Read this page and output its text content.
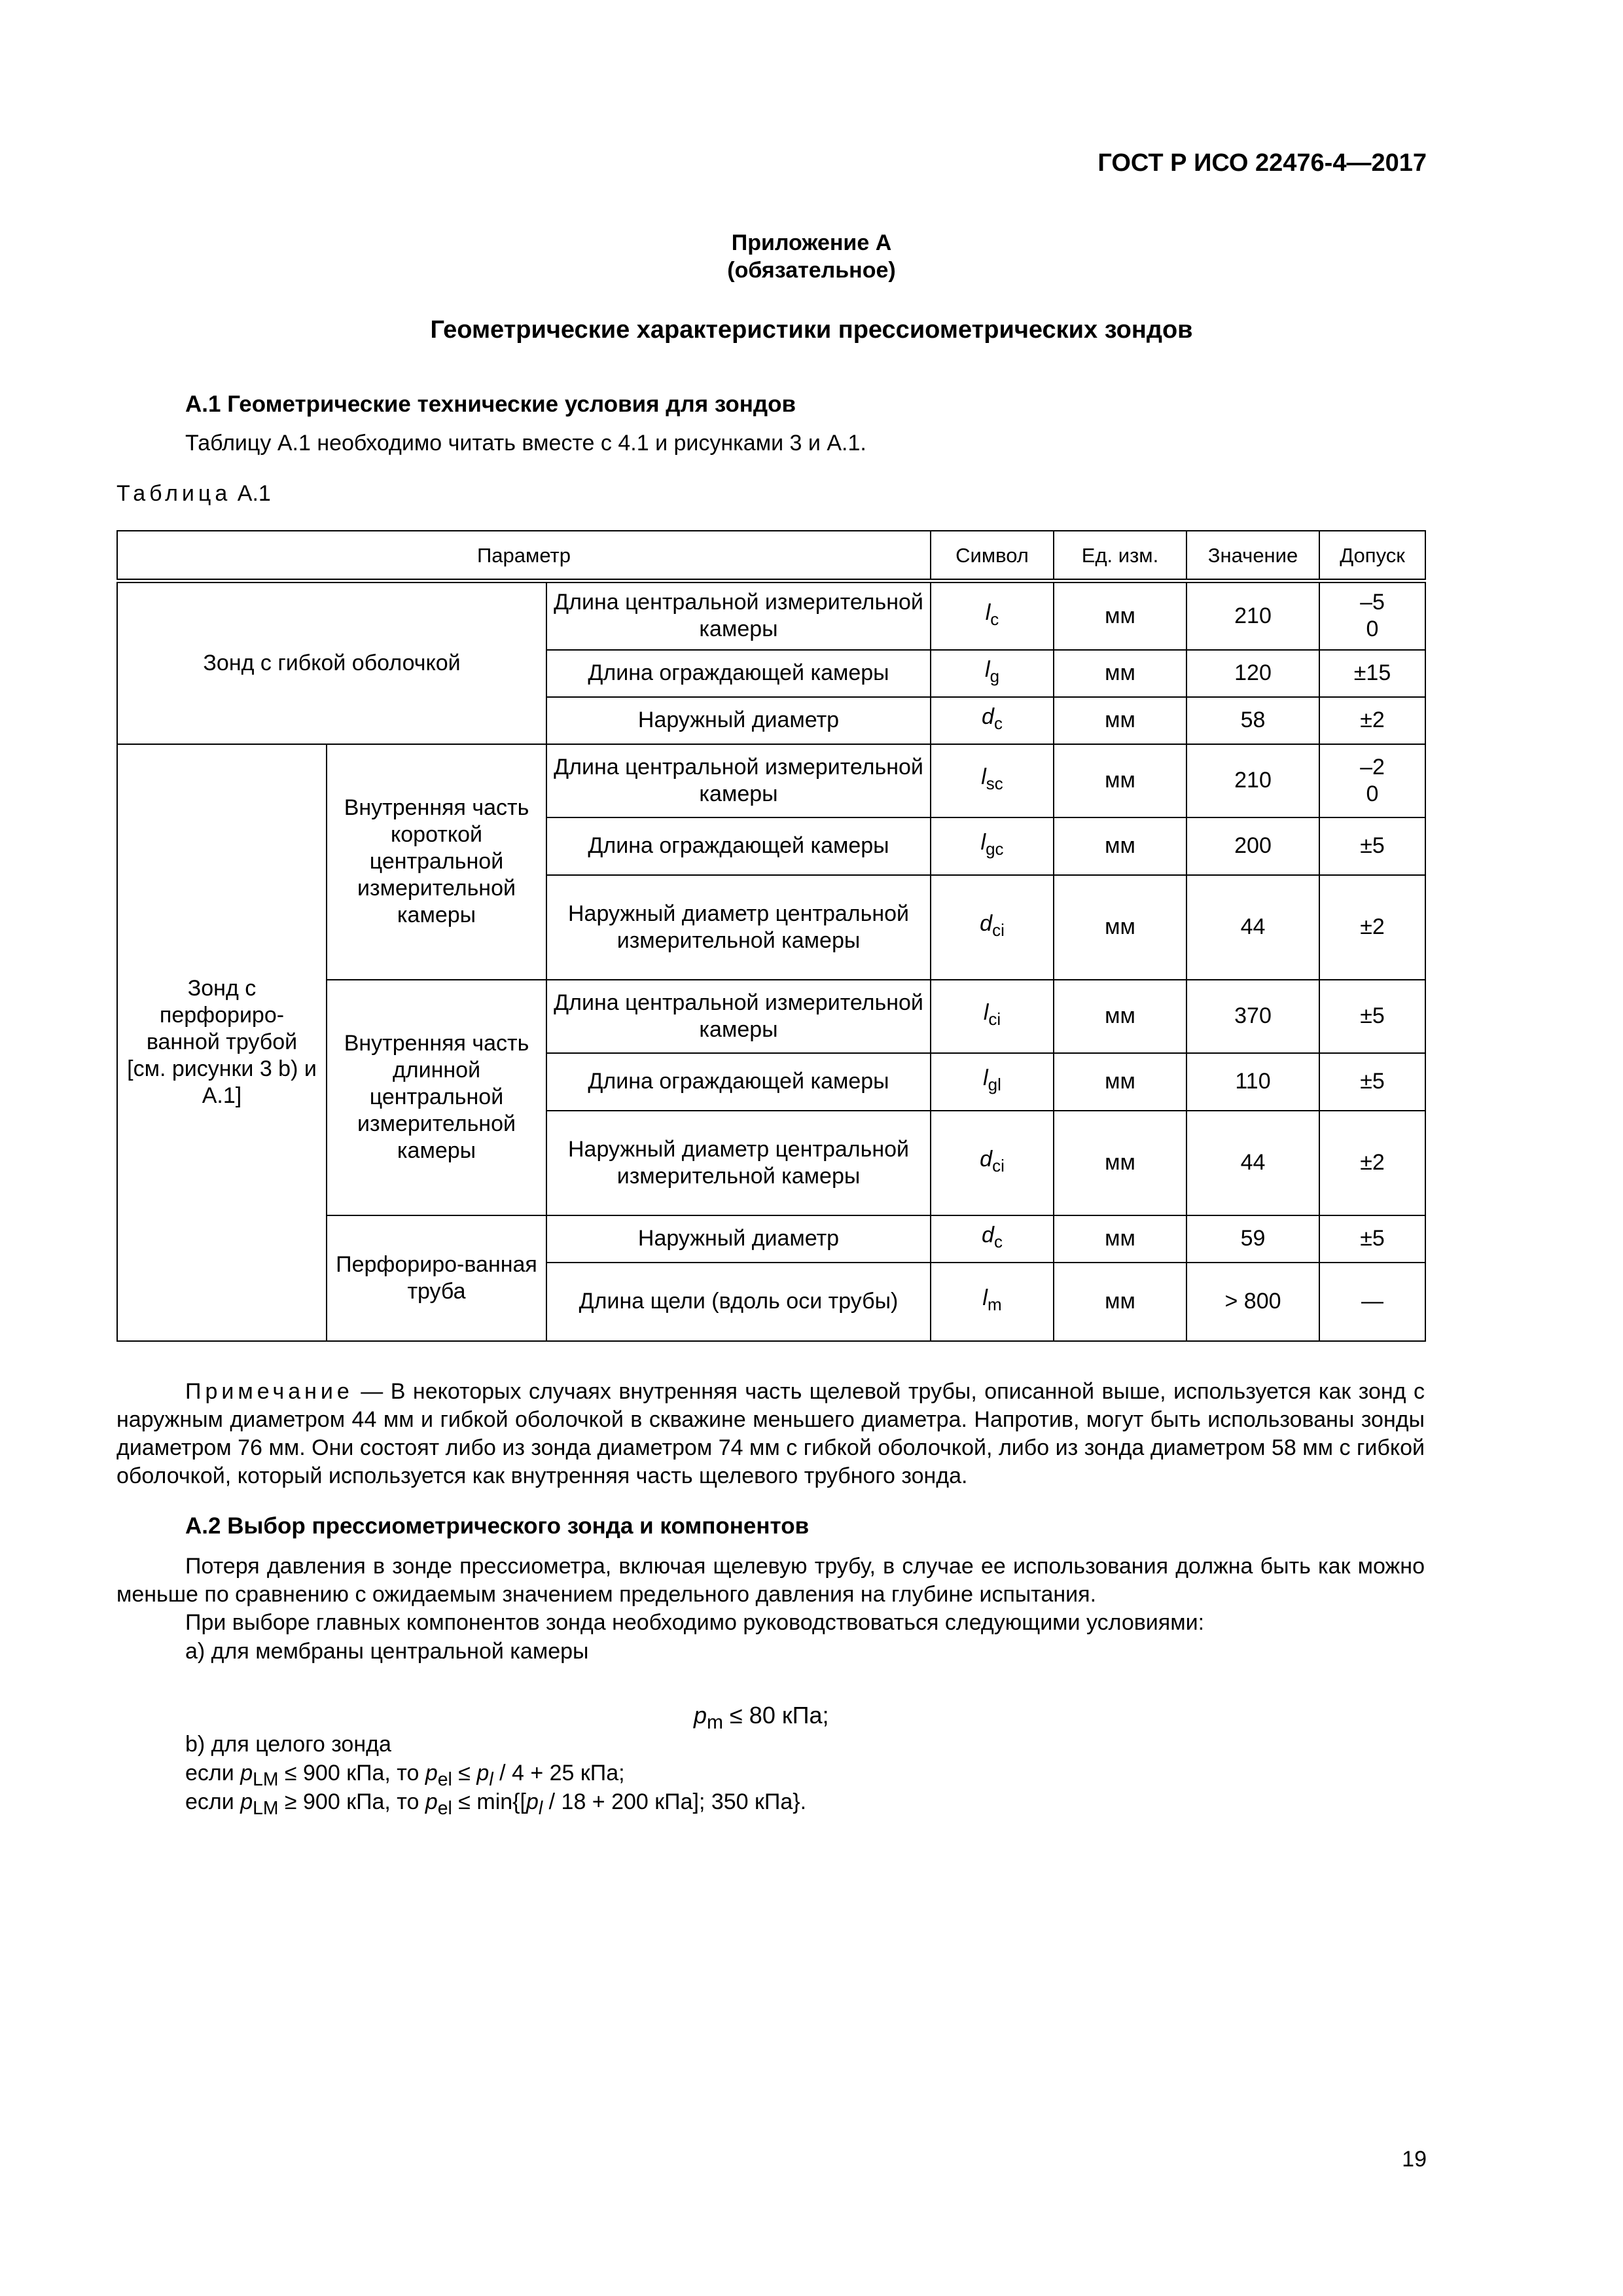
ГОСТ Р ИСО 22476-4—2017
Приложение А
(обязательное)
Геометрические характеристики прессиометрических зондов
А.1 Геометрические технические условия для зондов
Таблицу А.1 необходимо читать вместе с 4.1 и рисунками 3 и А.1.
Таблица А.1
Параметр			Символ	Ед. изм.	Значение	Допуск
Зонд с гибкой оболочкой		Длина центральной измерительной камеры	$l_c$	мм	210	–5
0

		Длина ограждающей камеры	$l_g$	мм	120	±15
		Наружный диаметр	$d_c$	мм	58	±2
Зонд с перфориро-ванной трубой [см. рисунки 3 b) и А.1]	Внутренняя часть короткой центральной измерительной камеры	Длина центральной измерительной камеры	$l_{sc}$	мм	210	–2
0

		Длина ограждающей камеры	$l_{gc}$	мм	200	±5
		Наружный диаметр центральной измерительной камеры	$d_{ci}$	мм	44	±2
	Внутренняя часть длинной центральной измерительной камеры	Длина центральной измерительной камеры	$l_{ci}$	мм	370	±5
		Длина ограждающей камеры	$l_{gl}$	мм	110	±5
		Наружный диаметр центральной измерительной камеры	$d_{ci}$	мм	44	±2
	Перфориро-ванная труба	Наружный диаметр	$d_c$	мм	59	±5
		Длина щели (вдоль оси трубы)	$l_m$	мм	> 800	—
Примечание — В некоторых случаях внутренняя часть щелевой трубы, описанной выше, используется как зонд с наружным диаметром 44 мм и гибкой оболочкой в скважине меньшего диаметра. Напротив, могут быть использованы зонды диаметром 76 мм. Они состоят либо из зонда диаметром 74 мм с гибкой оболочкой, либо из зонда диаметром 58 мм с гибкой оболочкой, который используется как внутренняя часть щелевого трубного зонда.
А.2 Выбор прессиометрического зонда и компонентов
Потеря давления в зонде прессиометра, включая щелевую трубу, в случае ее использования должна быть как можно меньше по сравнению с ожидаемым значением предельного давления на глубине испытания.
При выборе главных компонентов зонда необходимо руководствоваться следующими условиями:
a) для мембраны центральной камеры
$p_m \le 80$ кПа;
b) для целого зонда
если $p_{LM} \le 900$ кПа, то $p_{el} \le p_l / 4 + 25$ кПа;
если $p_{LM} \ge 900$ кПа, то $p_{el} \le \min\{[p_l / 18 + 200$ кПа]; 350 кПа}.
19
